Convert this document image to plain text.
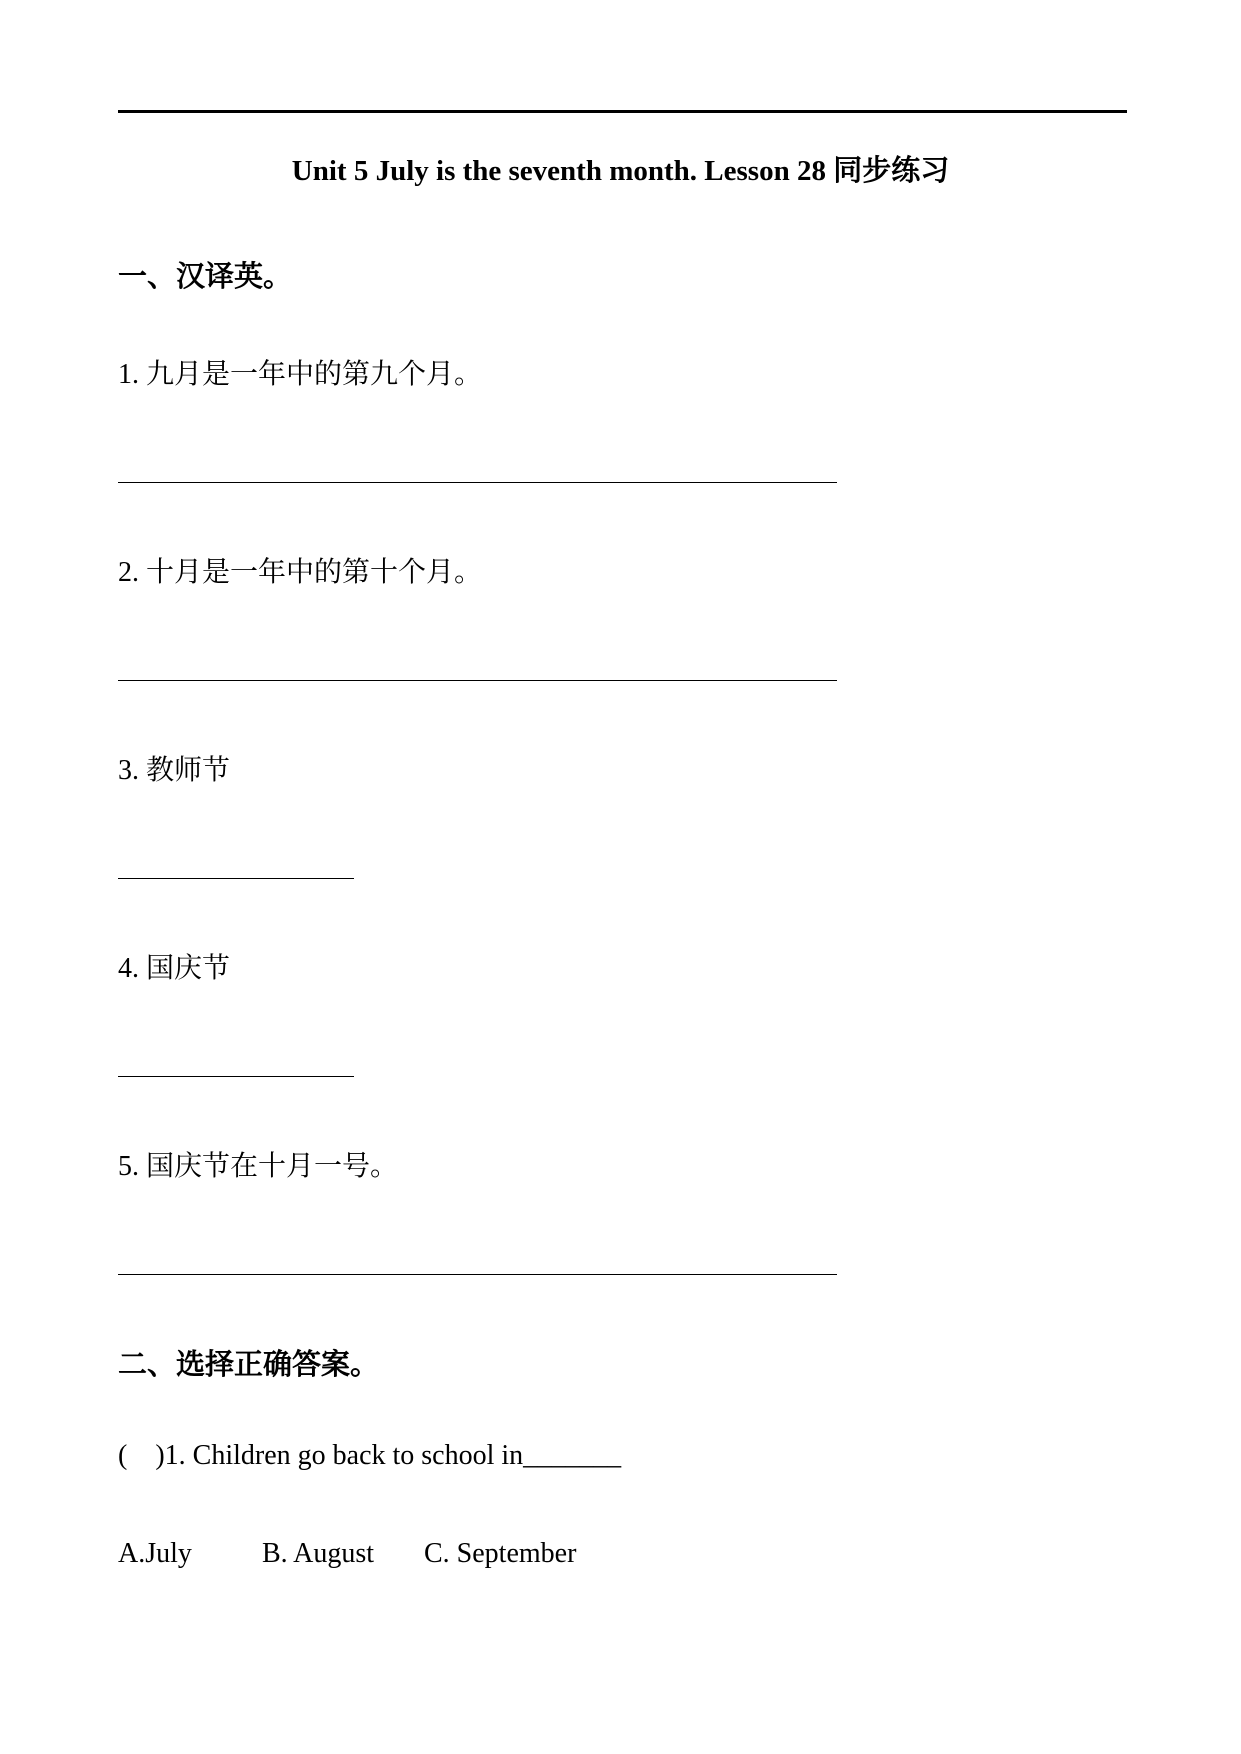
Unit 5 July is the seventh month. Lesson 28 同步练习
一、汉译英。
1. 九月是一年中的第九个月。
2. 十月是一年中的第十个月。
3. 教师节
4. 国庆节
5. 国庆节在十月一号。
二、选择正确答案。
(    )1. Children go back to school in_______
A.July	B. August C. September
